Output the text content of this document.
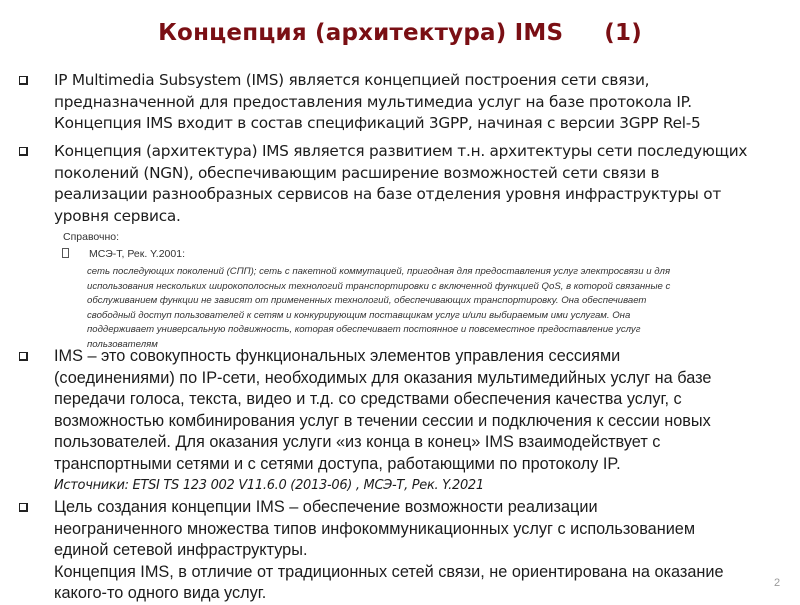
Концепция (архитектура) IMS     (1)
IP Multimedia Subsystem (IMS) является концепцией построения сети связи,
предназначенной для предоставления мультимедиа услуг на базе протокола IP.
Концепция IMS входит в состав спецификаций 3GPP, начиная с версии 3GPP Rel-5
Концепция (архитектура) IMS является развитием т.н. архитектуры сети последующих
поколений (NGN), обеспечивающим расширение возможностей сети связи в
реализации разнообразных сервисов на базе отделения уровня инфраструктуры от
уровня сервиса.
Справочно:
МСЭ-Т, Рек. Y.2001:
сеть последующих поколений (СПП); сеть с пакетной коммутацией, пригодная для предоставления услуг электросвязи и для
использования нескольких широкополосных технологий транспортировки с включенной функцией QoS, в которой связанные с
обслуживанием функции не зависят от примененных технологий, обеспечивающих транспортировку. Она обеспечивает
свободный доступ пользователей к сетям и конкурирующим поставщикам услуг и/или выбираемым ими услугам. Она
поддерживает универсальную подвижность, которая обеспечивает постоянное и повсеместное предоставление услуг
пользователям
IMS – это совокупность функциональных элементов управления сессиями
(соединениями) по IP-сети, необходимых для оказания мультимедийных услуг на базе
передачи голоса, текста, видео и т.д. со средствами обеспечения качества услуг, с
возможностью комбинирования услуг в течении сессии и подключения к сессии новых
пользователей. Для оказания услуги «из конца в конец» IMS взаимодействует с
транспортными сетями и с сетями доступа, работающими по протоколу IP.
Источники: ETSI TS 123 002 V11.6.0 (2013-06) , МСЭ-Т, Рек. Y.2021
Цель создания концепции IMS – обеспечение возможности реализации
неограниченного множества типов инфокоммуникационных услуг с использованием
единой сетевой инфраструктуры.
Концепция IMS, в отличие от традиционных сетей связи, не ориентирована на оказание
какого-то одного вида услуг.
2
